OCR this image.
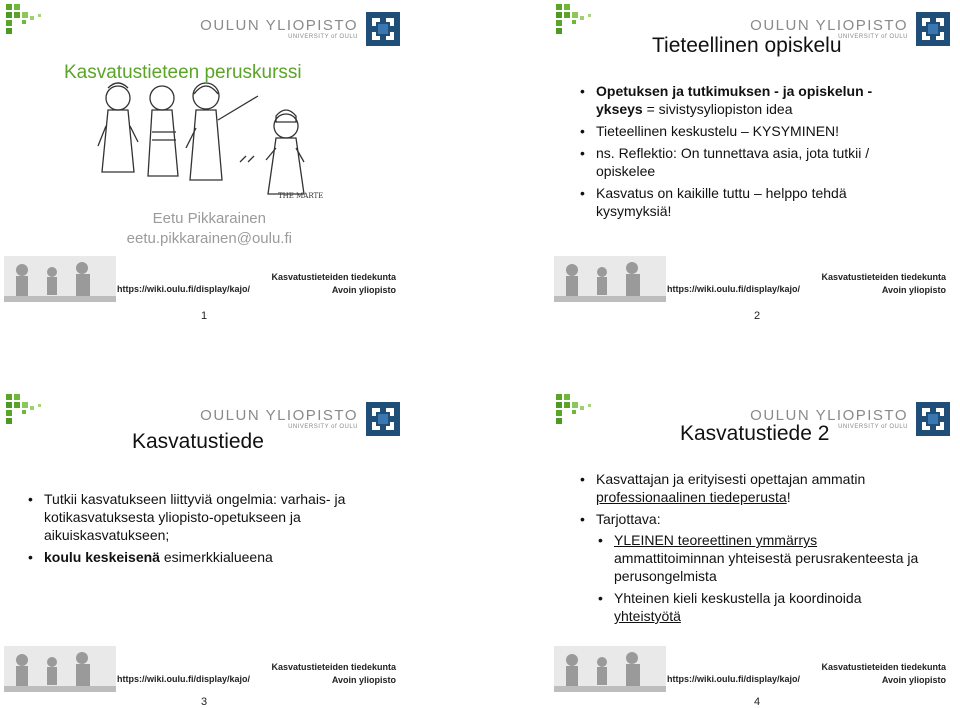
OULUN YLIOPISTO
UNIVERSITY of OULU
Kasvatustieteen peruskurssi
THE MARTE
Eetu Pikkarainen
eetu.pikkarainen@oulu.fi
https://wiki.oulu.fi/display/kajo/
Kasvatustieteiden tiedekunta
Avoin yliopisto
1
OULUN YLIOPISTO
UNIVERSITY of OULU
Tieteellinen opiskelu
• Opetuksen ja tutkimuksen - ja opiskelun - ykseys = sivistysyliopiston idea
• Tieteellinen keskustelu – KYSYMINEN!
• ns. Reflektio: On tunnettava asia, jota tutkii / opiskelee
• Kasvatus on kaikille tuttu – helppo tehdä kysymyksiä!
https://wiki.oulu.fi/display/kajo/
Kasvatustieteiden tiedekunta
Avoin yliopisto
2
OULUN YLIOPISTO
UNIVERSITY of OULU
Kasvatustiede
• Tutkii kasvatukseen liittyviä ongelmia: varhais- ja kotikasvatuksesta yliopisto-opetukseen ja aikuiskasvatukseen;
• koulu keskeisenä esimerkkialueena
https://wiki.oulu.fi/display/kajo/
Kasvatustieteiden tiedekunta
Avoin yliopisto
3
OULUN YLIOPISTO
UNIVERSITY of OULU
Kasvatustiede 2
• Kasvattajan ja erityisesti opettajan ammatin professionaalinen tiedeperusta!
• Tarjottava:
• YLEINEN teoreettinen ymmärrys ammattitoiminnan yhteisestä perusrakenteesta ja perusongelmista
• Yhteinen kieli keskustella ja koordinoida yhteistyötä
https://wiki.oulu.fi/display/kajo/
Kasvatustieteiden tiedekunta
Avoin yliopisto
4
